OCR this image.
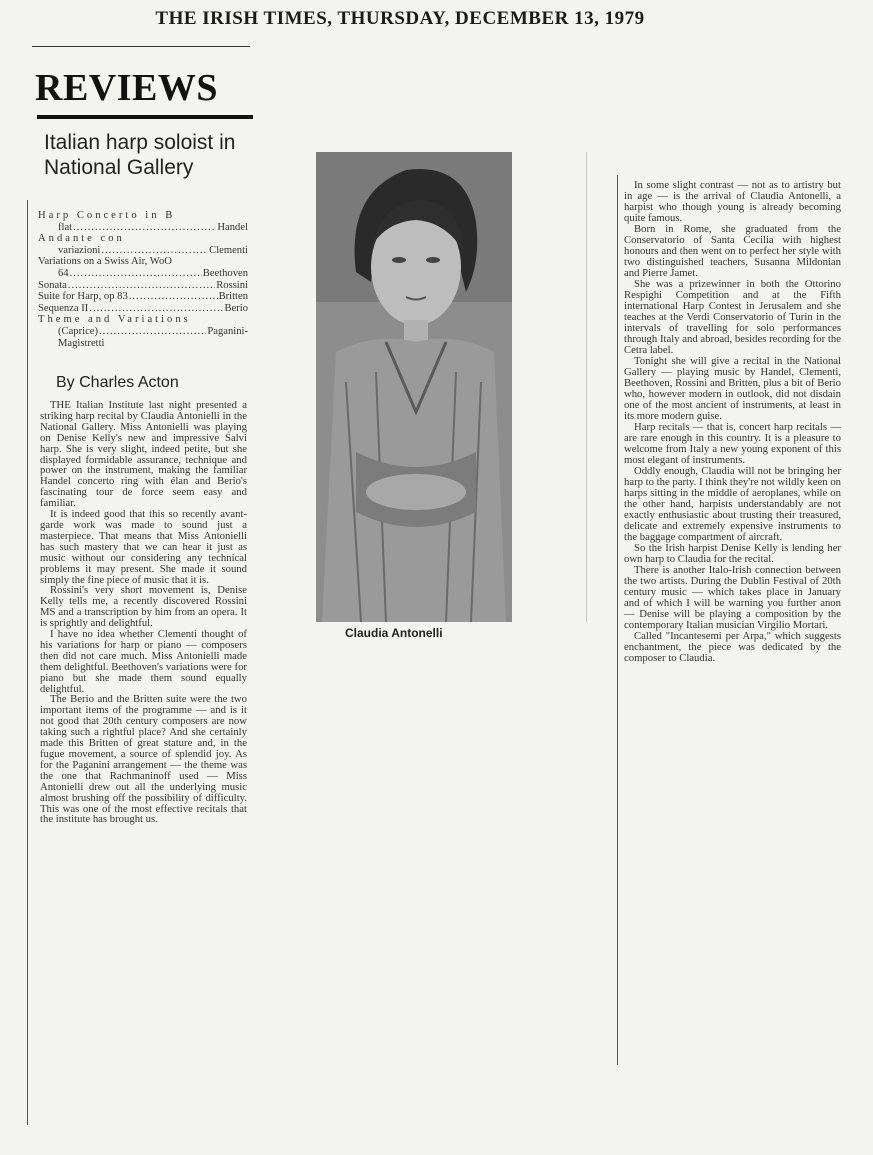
THE IRISH TIMES, THURSDAY, DECEMBER 13, 1979
REVIEWS
Italian harp soloist in National Gallery
Harp Concerto in B
flat .....	Handel
Andante con
variazioni .....	Clementi
Variations on a Swiss Air, WoO
64 .....	Beethoven
Sonata .....	Rossini
Suite for Harp, op 83 .....	Britten
Sequenza II .....	Berio
Theme and Variations
(Caprice) .....	Paganini-
Magistretti
By Charles Acton

THE Italian Institute last night presented a striking harp recital by Claudia Antonielli in the National Gallery. Miss Antonielli was playing on Denise Kelly's new and impressive Salvi harp. She is very slight, indeed petite, but she displayed formidable assurance, technique and power on the instrument, making the familiar Handel concerto ring with élan and Berio's fascinating tour de force seem easy and familiar.

It is indeed good that this so recently avant-garde work was made to sound just a masterpiece. That means that Miss Antonielli has such mastery that we can hear it just as music without our considering any technical problems it may present. She made it sound simply the fine piece of music that it is.

Rossini's very short movement is, Denise Kelly tells me, a recently discovered Rossini MS and a transcription by him from an opera. It is sprightly and delightful.

I have no idea whether Clementi thought of his variations for harp or piano — composers then did not care much. Miss Antonielli made them delightful. Beethoven's variations were for piano but she made them sound equally delightful.

The Berio and the Britten suite were the two important items of the programme — and is it not good that 20th century composers are now taking such a rightful place? And she certainly made this Britten of great stature and, in the fugue movement, a source of splendid joy. As for the Paganini arrangement — the theme was the one that Rachmaninoff used — Miss Antonielli drew out all the underlying music almost brushing off the possibility of difficulty. This was one of the most effective recitals that the institute has brought us.

Claudia Antonelli

In some slight contrast — not as to artistry but in age — is the arrival of Claudia Antonelli, a harpist who though young is already becoming quite famous.

Born in Rome, she graduated from the Conservatorio of Santa Cecilia with highest honours and then went on to perfect her style with two distinguished teachers, Susanna Mildonian and Pierre Jamet.

She was a prizewinner in both the Ottorino Respighi Competition and at the Fifth international Harp Contest in Jerusalem and she teaches at the Verdi Conservatorio of Turin in the intervals of travelling for solo performances through Italy and abroad, besides recording for the Cetra label.

Tonight she will give a recital in the National Gallery — playing music by Handel, Clementi, Beethoven, Rossini and Britten, plus a bit of Berio who, however modern in outlook, did not disdain one of the most ancient of instruments, at least in its more modern guise.

Harp recitals — that is, concert harp recitals — are rare enough in this country. It is a pleasure to welcome from Italy a new young exponent of this most elegant of instruments.

Oddly enough, Claudia will not be bringing her harp to the party. I think they're not wildly keen on harps sitting in the middle of aeroplanes, while on the other hand, harpists understandably are not exactly enthusiastic about trusting their treasured, delicate and extremely expensive instruments to the baggage compartment of aircraft.

So the Irish harpist Denise Kelly is lending her own harp to Claudia for the recital.

There is another Italo-Irish connection between the two artists. During the Dublin Festival of 20th century music — which takes place in January and of which I will be warning you further anon — Denise will be playing a composition by the contemporary Italian musician Virgilio Mortari.

Called "Incantesemi per Arpa," which suggests enchantment, the piece was dedicated by the composer to Claudia.
